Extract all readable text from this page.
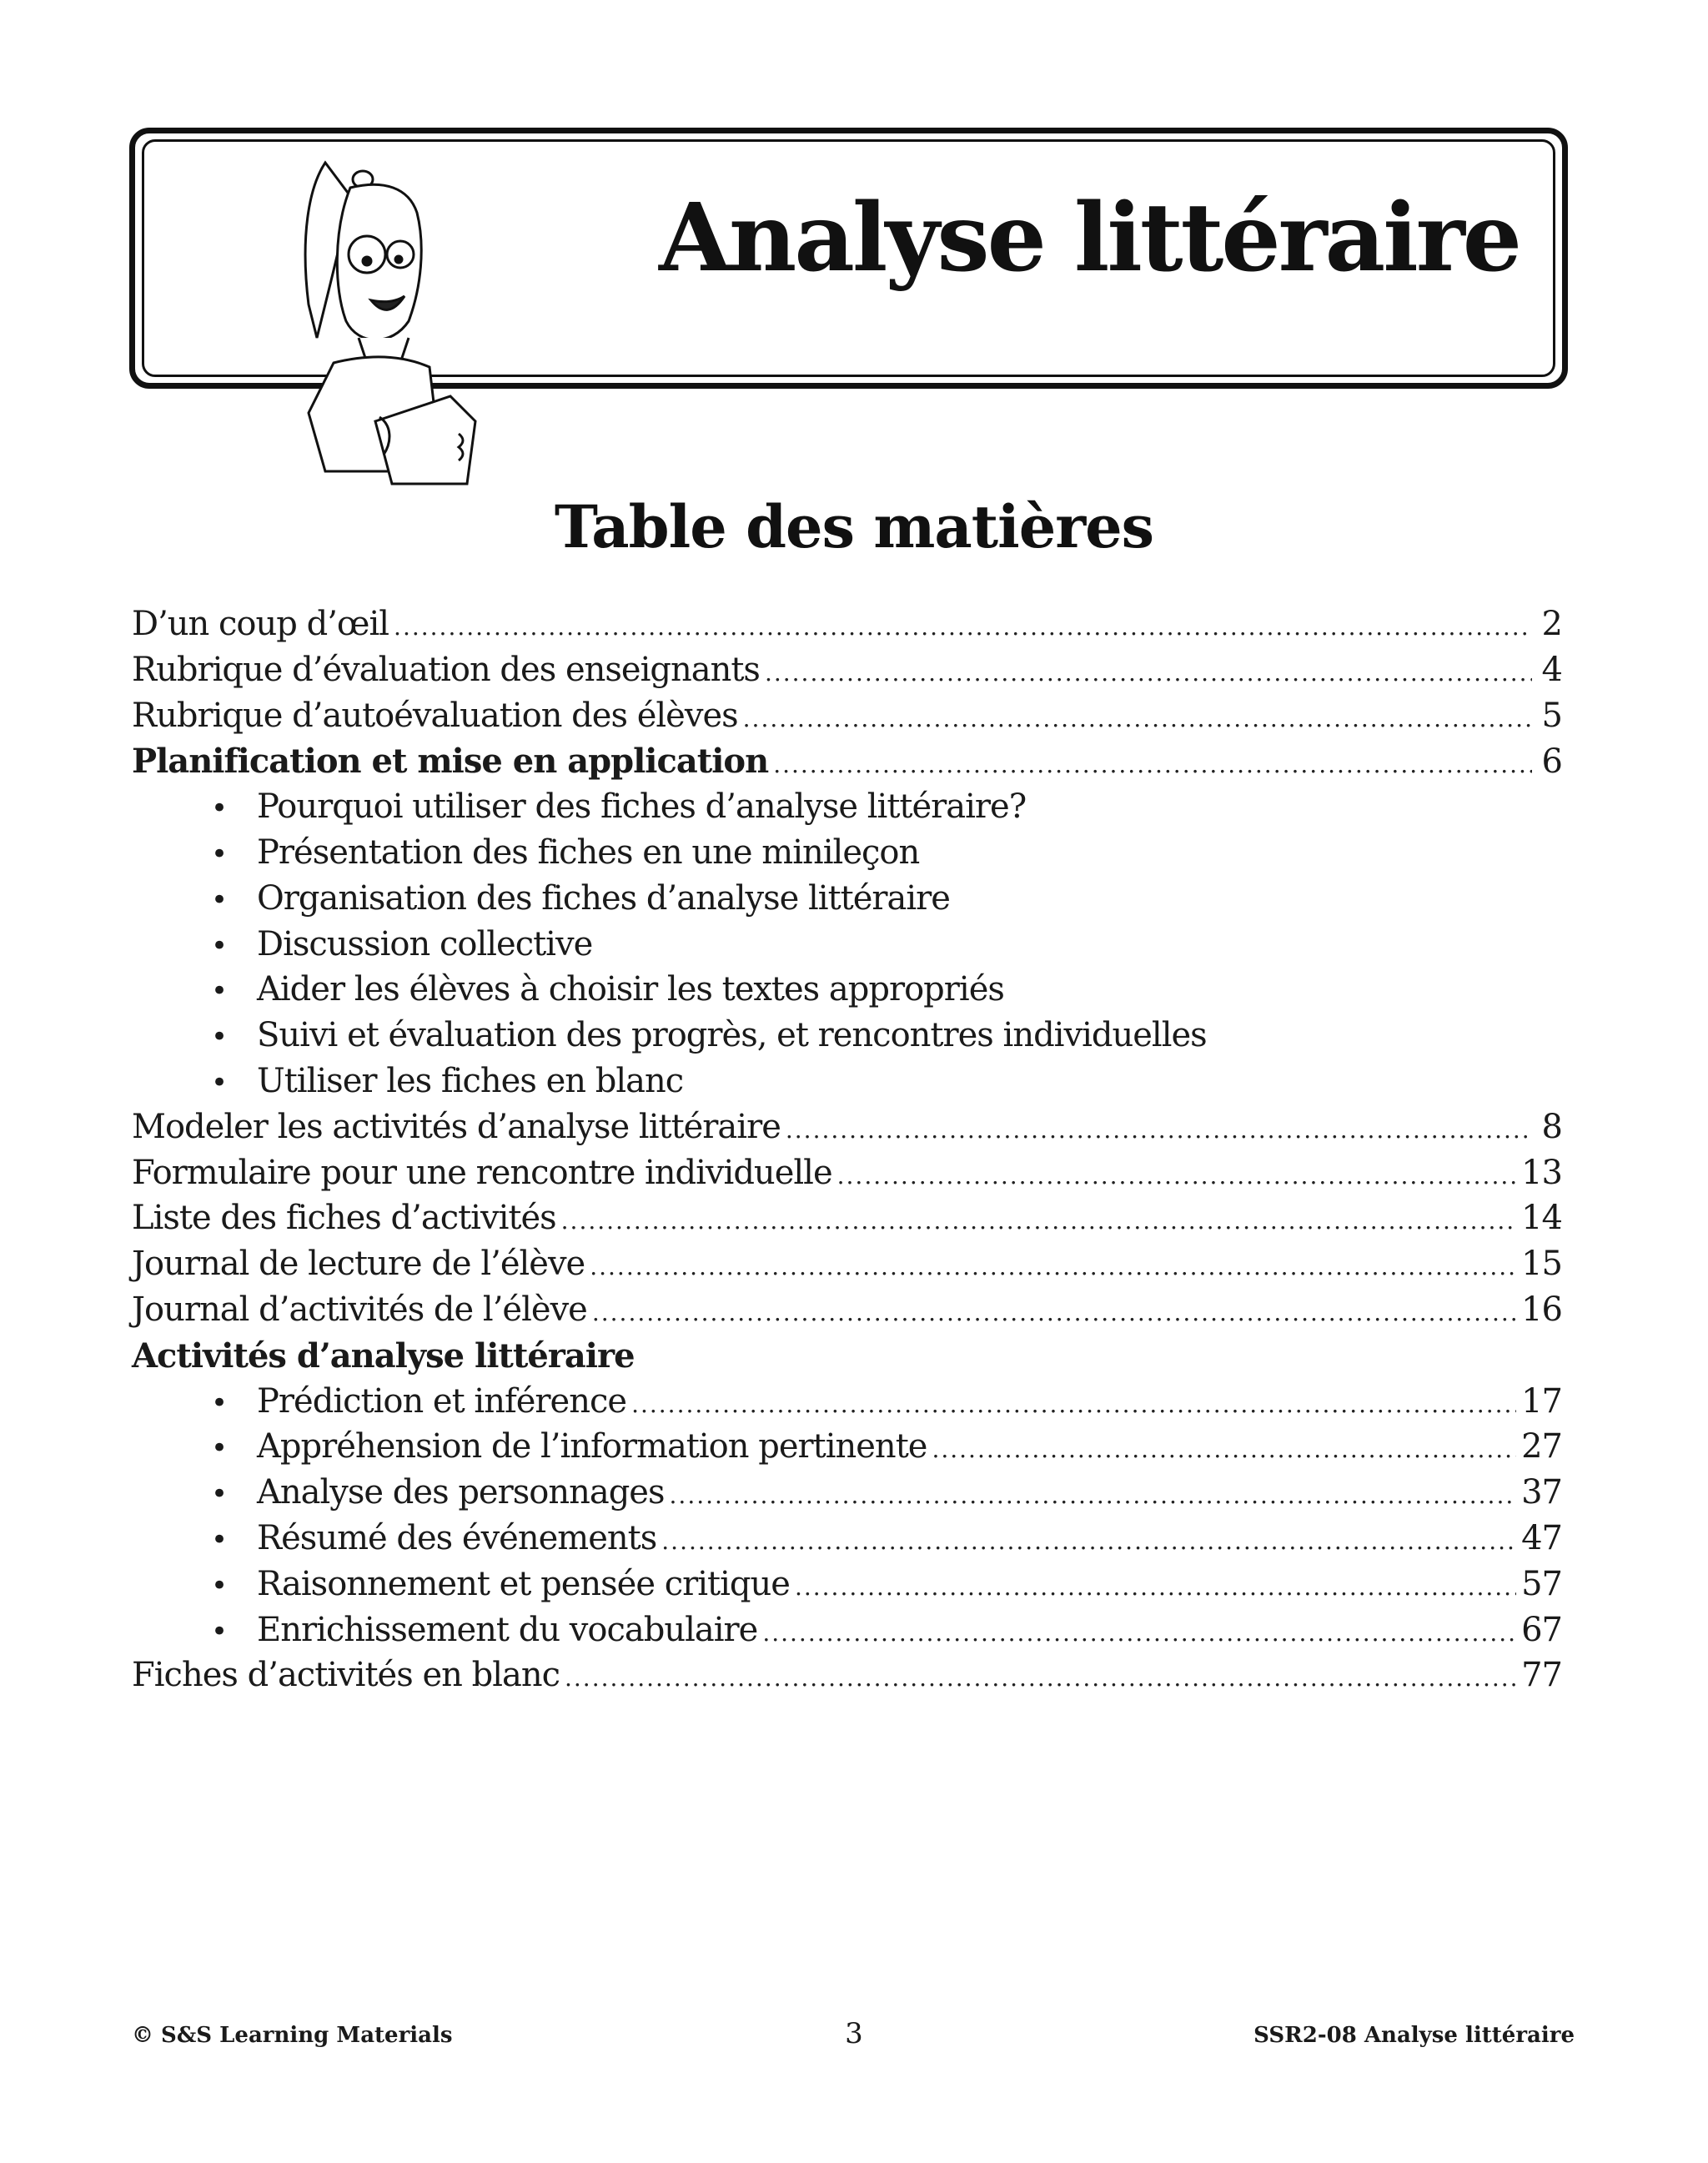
Analyse littéraire
Table des matières
D’un coup d’œil .....	2
Rubrique d’évaluation des enseignants .....	4
Rubrique d’autoévaluation des élèves .....	5
Planification et mise en application .....	6
• Pourquoi utiliser des fiches d’analyse littéraire?
• Présentation des fiches en une minileçon
• Organisation des fiches d’analyse littéraire
• Discussion collective
• Aider les élèves à choisir les textes appropriés
• Suivi et évaluation des progrès, et rencontres individuelles
• Utiliser les fiches en blanc
Modeler les activités d’analyse littéraire .....	8
Formulaire pour une rencontre individuelle .....	13
Liste des fiches d’activités .....	14
Journal de lecture de l’élève .....	15
Journal d’activités de l’élève .....	16
Activités d’analyse littéraire
• Prédiction et inférence .....	17
• Appréhension de l’information pertinente .....	27
• Analyse des personnages .....	37
• Résumé des événements .....	47
• Raisonnement et pensée critique .....	57
• Enrichissement du vocabulaire .....	67
Fiches d’activités en blanc .....	77
© S&S Learning Materials	3	SSR2-08 Analyse littéraire
